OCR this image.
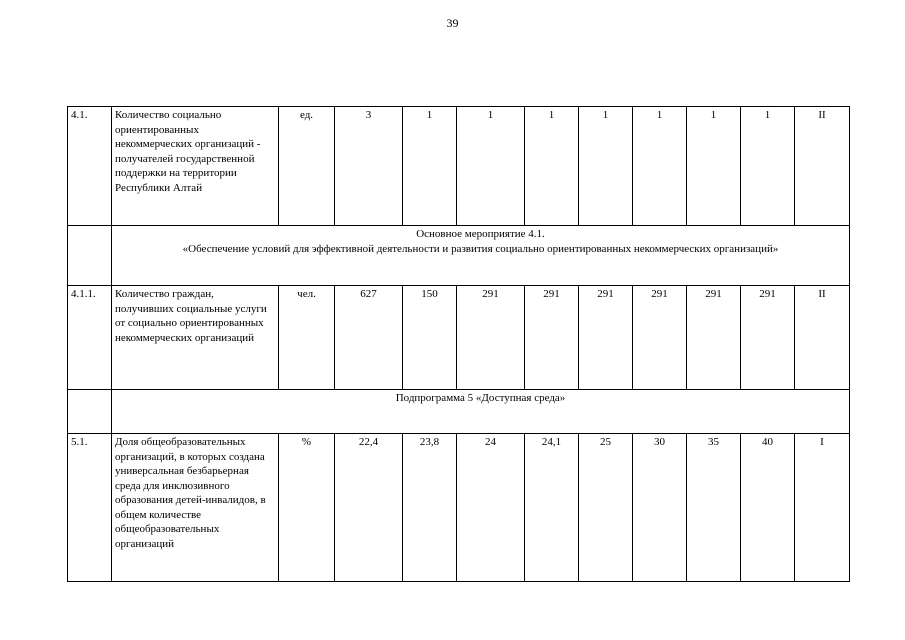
39
4.1.	Количество социально ориентированных некоммерческих организаций - получателей государственной поддержки на территории Республики Алтай	ед.	3	1	1	1	1	1	1	1	II

	Основное мероприятие 4.1.
«Обеспечение условий для эффективной деятельности и развития социально ориентированных некоммерческих организаций»										

4.1.1.	Количество граждан, получивших социальные услуги от социально ориентированных некоммерческих организаций	чел.	627	150	291	291	291	291	291	291	II

	Подпрограмма 5 «Доступная среда»										

5.1.	Доля общеобразовательных организаций, в которых создана универсальная безбарьерная среда для инклюзивного образования детей-инвалидов, в общем количестве общеобразовательных организаций	%	22,4	23,8	24	24,1	25	30	35	40	I
